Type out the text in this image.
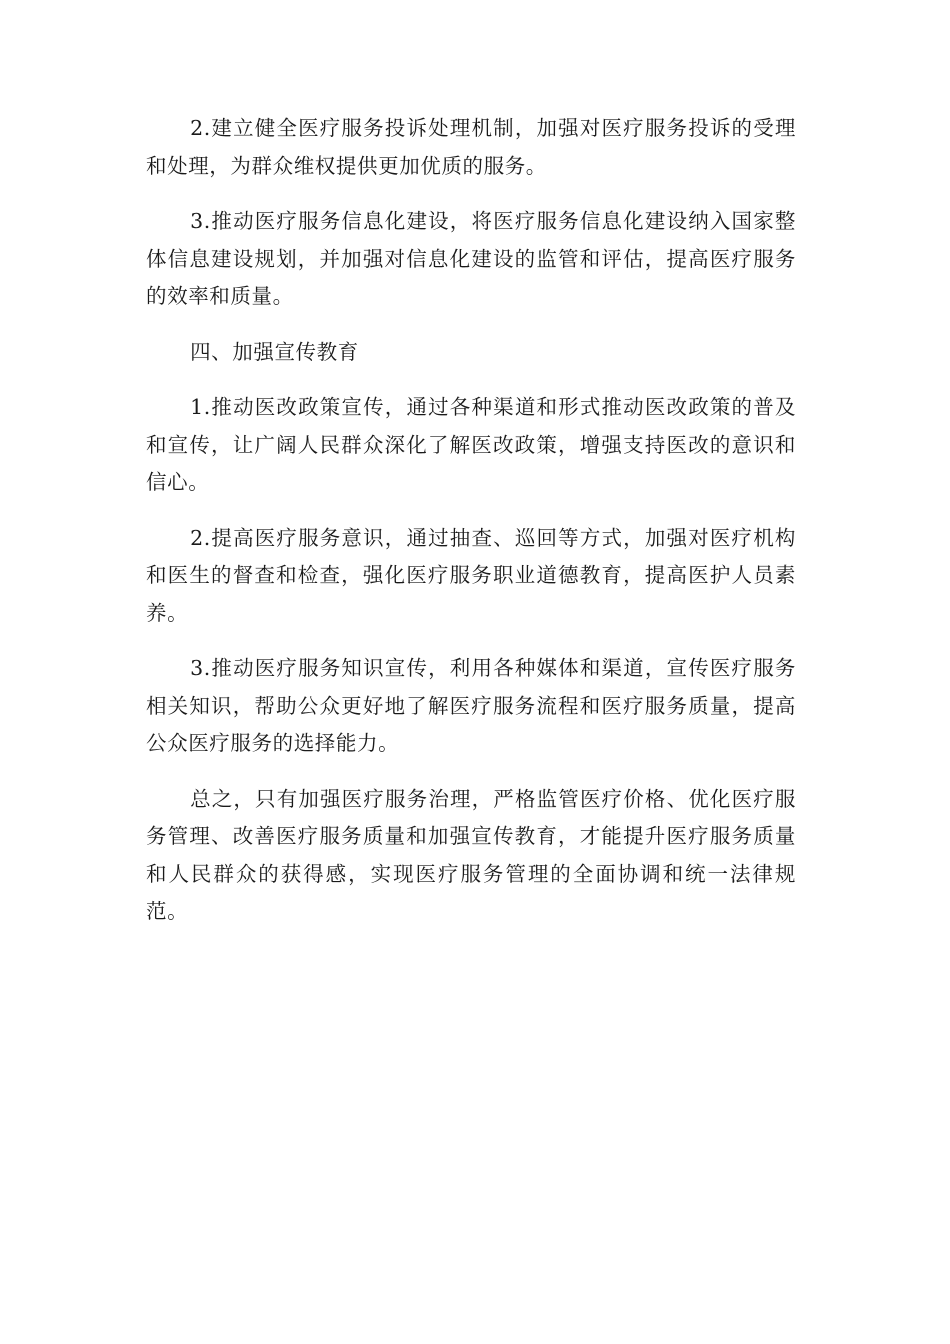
2.建立健全医疗服务投诉处理机制，加强对医疗服务投诉的受理和处理，为群众维权提供更加优质的服务。

3.推动医疗服务信息化建设，将医疗服务信息化建设纳入国家整体信息建设规划，并加强对信息化建设的监管和评估，提高医疗服务的效率和质量。

四、加强宣传教育

1.推动医改政策宣传，通过各种渠道和形式推动医改政策的普及和宣传，让广阔人民群众深化了解医改政策，增强支持医改的意识和信心。

2.提高医疗服务意识，通过抽查、巡回等方式，加强对医疗机构和医生的督查和检查，强化医疗服务职业道德教育，提高医护人员素养。

3.推动医疗服务知识宣传，利用各种媒体和渠道，宣传医疗服务相关知识，帮助公众更好地了解医疗服务流程和医疗服务质量，提高公众医疗服务的选择能力。

总之，只有加强医疗服务治理，严格监管医疗价格、优化医疗服务管理、改善医疗服务质量和加强宣传教育，才能提升医疗服务质量和人民群众的获得感，实现医疗服务管理的全面协调和统一法律规范。
